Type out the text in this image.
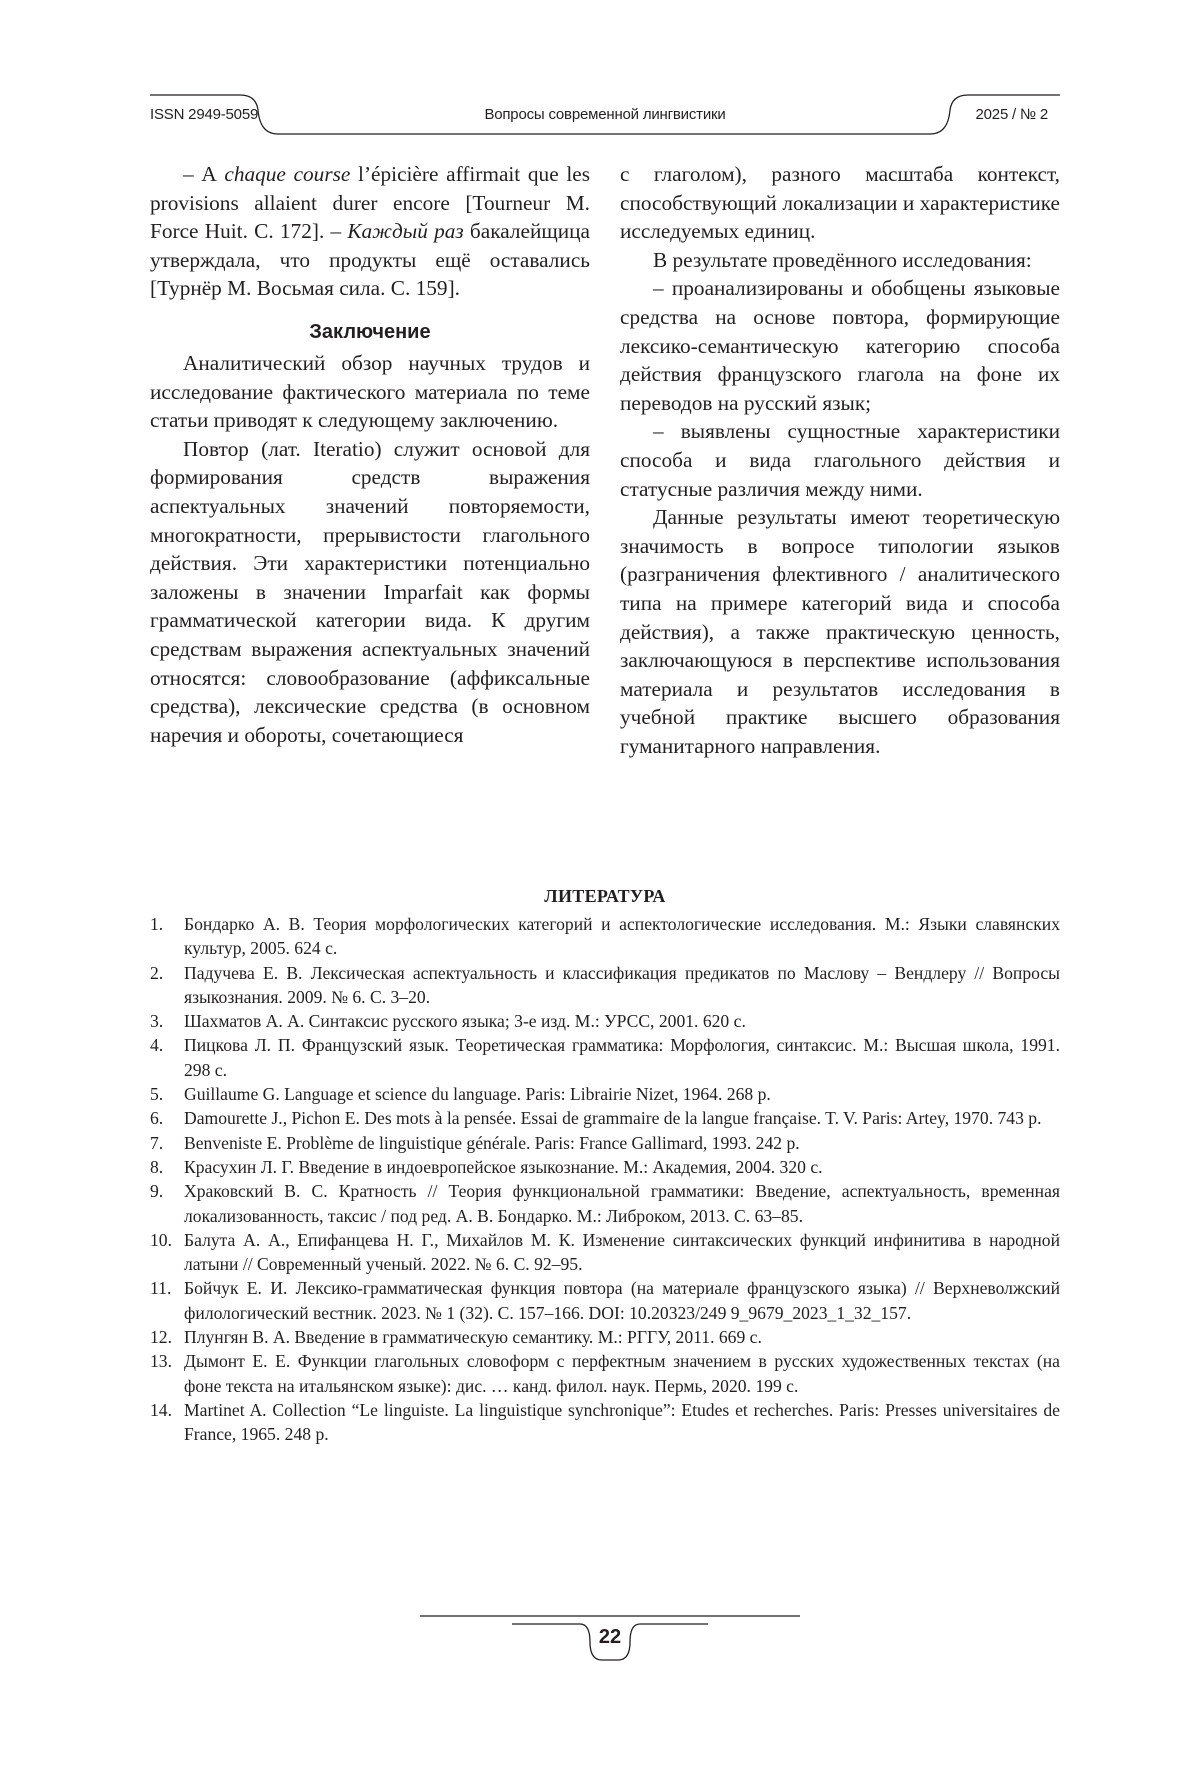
ISSN 2949-5059	Вопросы современной лингвистики	2025 / № 2

– А chaque course l’épicière affirmait que les provisions allaient durer encore [Tourneur M. Force Huit. С. 172]. – Каждый раз бакалейщица утверждала, что продукты ещё оставались [Турнёр М. Восьмая сила. С. 159].

Заключение

Аналитический обзор научных трудов и исследование фактического материала по теме статьи приводят к следующему заключению.

Повтор (лат. Iteratio) служит основой для формирования средств выражения аспектуальных значений повторяемости, многократности, прерывистости глагольного действия. Эти характеристики потенциально заложены в значении Imparfait как формы грамматической категории вида. К другим средствам выражения аспектуальных значений относятся: словообразование (аффиксальные средства), лексические средства (в основном наречия и обороты, сочетающиеся

с глаголом), разного масштаба контекст, способствующий локализации и характеристике исследуемых единиц.

В результате проведённого исследования:

– проанализированы и обобщены языковые средства на основе повтора, формирующие лексико-семантическую категорию способа действия французского глагола на фоне их переводов на русский язык;

– выявлены сущностные характеристики способа и вида глагольного действия и статусные различия между ними.

Данные результаты имеют теоретическую значимость в вопросе типологии языков (разграничения флективного / аналитического типа на примере категорий вида и способа действия), а также практическую ценность, заключающуюся в перспективе использования материала и результатов исследования в учебной практике высшего образования гуманитарного направления.

ЛИТЕРАТУРА
1. Бондарко А. В. Теория морфологических категорий и аспектологические исследования. М.: Языки славянских культур, 2005. 624 с.
2. Падучева Е. В. Лексическая аспектуальность и классификация предикатов по Маслову – Вендлеру // Вопросы языкознания. 2009. № 6. С. 3–20.
3. Шахматов А. А. Синтаксис русского языка; 3-е изд. М.: УРСС, 2001. 620 с.
4. Пицкова Л. П. Французский язык. Теоретическая грамматика: Морфология, синтаксис. М.: Высшая школа, 1991. 298 с.
5. Guillaume G. Language et science du language. Paris: Librairie Nizet, 1964. 268 p.
6. Damourette J., Pichon E. Des mots à la pensée. Essai de grammaire de la langue française. T. V. Paris: Artey, 1970. 743 p.
7. Benveniste E. Problème de linguistique générale. Paris: France Gallimard, 1993. 242 p.
8. Красухин Л. Г. Введение в индоевропейское языкознание. М.: Академия, 2004. 320 с.
9. Храковский В. С. Кратность // Теория функциональной грамматики: Введение, аспектуальность, временная локализованность, таксис / под ред. А. В. Бондарко. М.: Либроком, 2013. С. 63–85.
10. Балута А. А., Епифанцева Н. Г., Михайлов М. К. Изменение синтаксических функций инфинитива в народной латыни // Современный ученый. 2022. № 6. С. 92–95.
11. Бойчук Е. И. Лексико-грамматическая функция повтора (на материале французского языка) // Верхневолжский филологический вестник. 2023. № 1 (32). С. 157–166. DOI: 10.20323/249 9_9679_2023_1_32_157.
12. Плунгян В. А. Введение в грамматическую семантику. М.: РГГУ, 2011. 669 с.
13. Дымонт Е. Е. Функции глагольных словоформ с перфектным значением в русских художественных текстах (на фоне текста на итальянском языке): дис. … канд. филол. наук. Пермь, 2020. 199 с.
14. Martinet A. Collection “Le linguiste. La linguistique synchronique”: Etudes et recherches. Paris: Presses universitaires de France, 1965. 248 p.
22
